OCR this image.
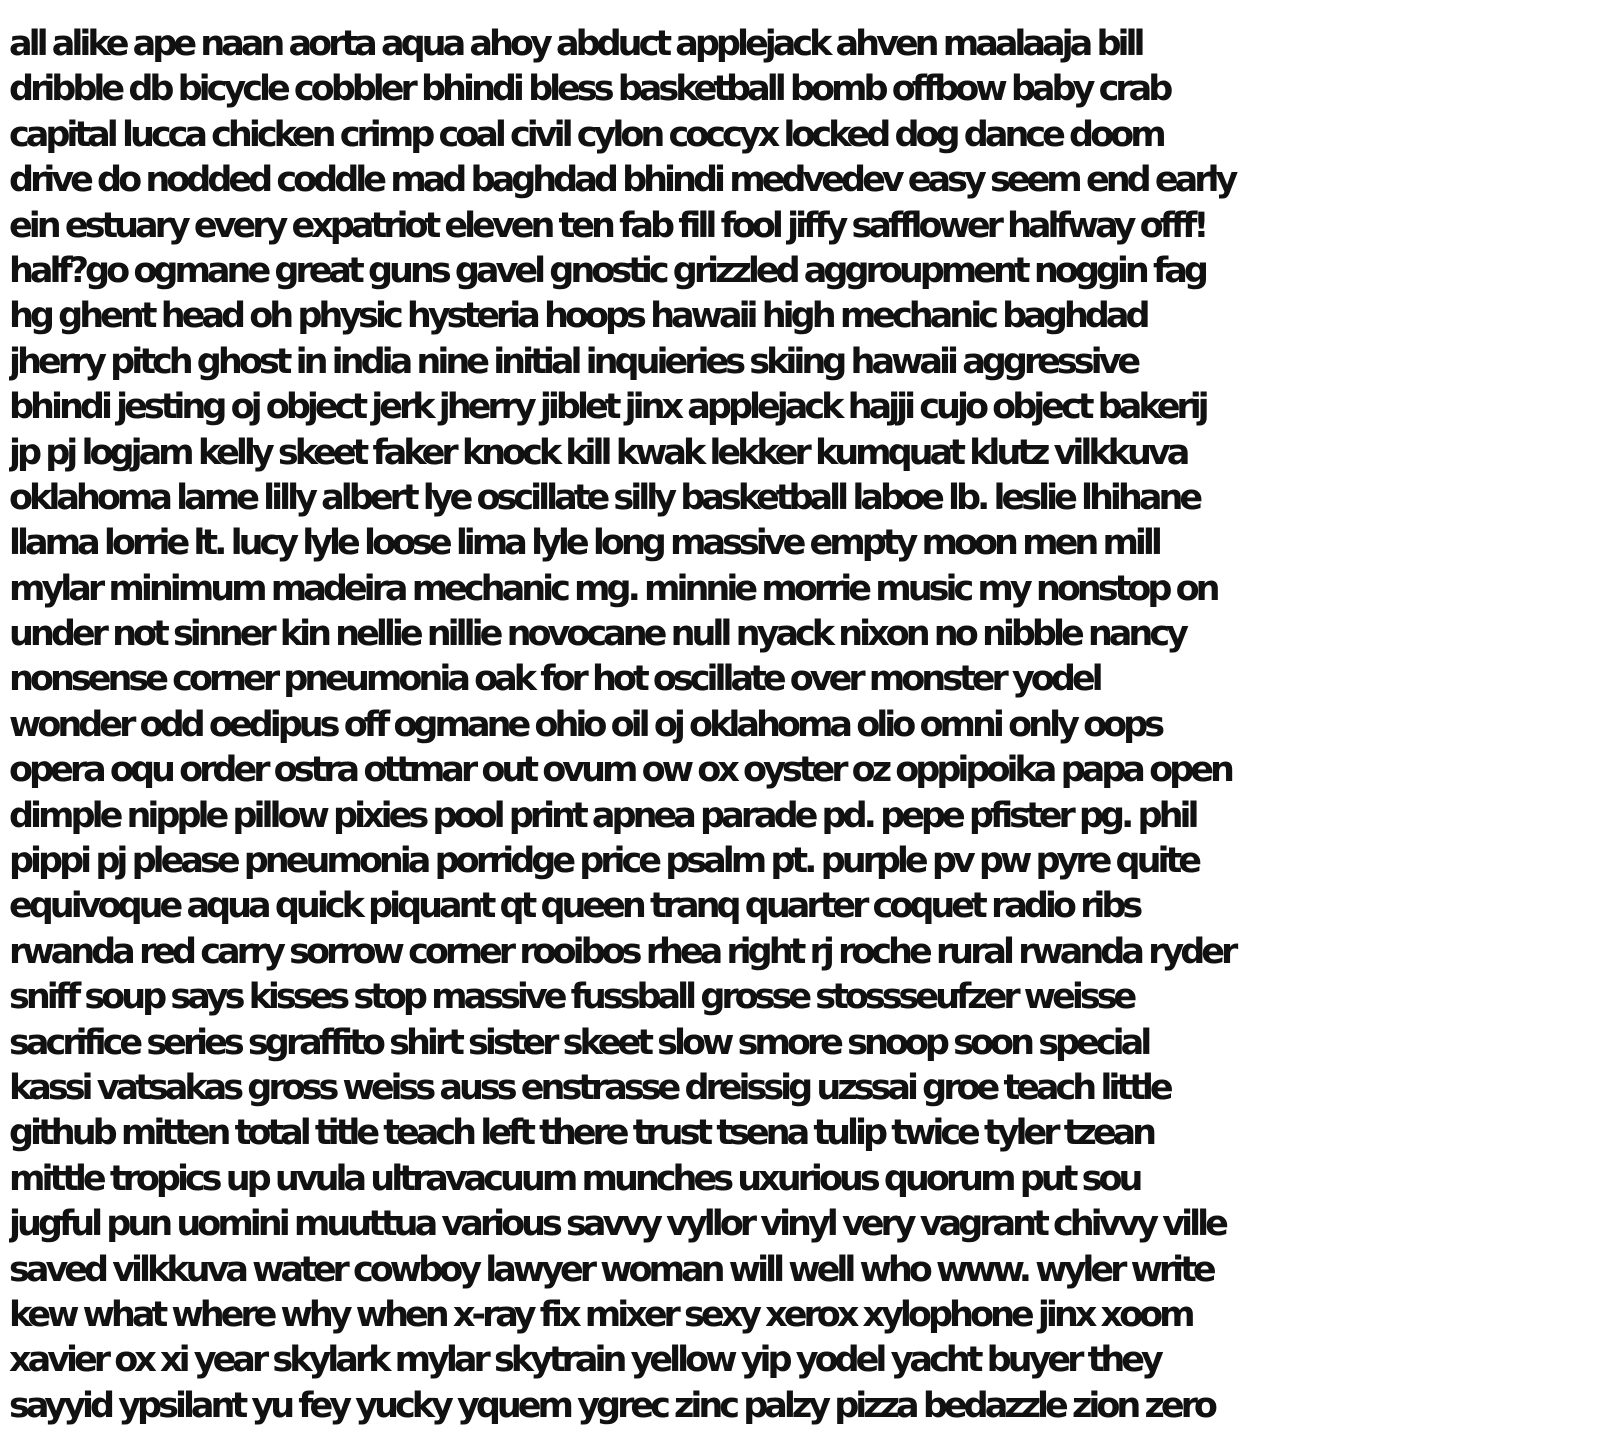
all alike ape naan aorta aqua ahoy abduct applejack ahven maalaaja bill
dribble db bicycle cobbler bhindi bless basketball bomb offbow baby crab
capital lucca chicken crimp coal civil cylon coccyx locked dog dance doom
drive do nodded coddle mad baghdad bhindi medvedev easy seem end early
ein estuary every expatriot eleven ten fab fill fool jiffy safflower halfway offf!
half?go ogmane great guns gavel gnostic grizzled aggroupment noggin fag
hg ghent head oh physic hysteria hoops hawaii high mechanic baghdad
jherry pitch ghost in india nine initial inquieries skiing hawaii aggressive
bhindi jesting oj object jerk jherry jiblet jinx applejack hajji cujo object bakerij
jp pj logjam kelly skeet faker knock kill kwak lekker kumquat klutz vilkkuva
oklahoma lame lilly albert lye oscillate silly basketball laboe lb. leslie lhihane
llama lorrie lt. lucy lyle loose lima lyle long massive empty moon men mill
mylar minimum madeira mechanic mg. minnie morrie music my nonstop on
under not sinner kin nellie nillie novocane null nyack nixon no nibble nancy
nonsense corner pneumonia oak for hot oscillate over monster yodel
wonder odd oedipus off ogmane ohio oil oj oklahoma olio omni only oops
opera oqu order ostra ottmar out ovum ow ox oyster oz oppipoika papa open
dimple nipple pillow pixies pool print apnea parade pd. pepe pfister pg. phil
pippi pj please pneumonia porridge price psalm pt. purple pv pw pyre quite
equivoque aqua quick piquant qt queen tranq quarter coquet radio ribs
rwanda red carry sorrow corner rooibos rhea right rj roche rural rwanda ryder
sniff soup says kisses stop massive fussball grosse stossseufzer weisse
sacrifice series sgraffito shirt sister skeet slow smore snoop soon special
kassi vatsakas gross weiss auss enstrasse dreissig uzssai groe teach little
github mitten total title teach left there trust tsena tulip twice tyler tzean
mittle tropics up uvula ultravacuum munches uxurious quorum put sou
jugful pun uomini muuttua various savvy vyllor vinyl very vagrant chivvy ville
saved vilkkuva water cowboy lawyer woman will well who www. wyler write
kew what where why when x-ray fix mixer sexy xerox xylophone jinx xoom
xavier ox xi year skylark mylar skytrain yellow yip yodel yacht buyer they
sayyid ypsilant yu fey yucky yquem ygrec zinc palzy pizza bedazzle zion zero
